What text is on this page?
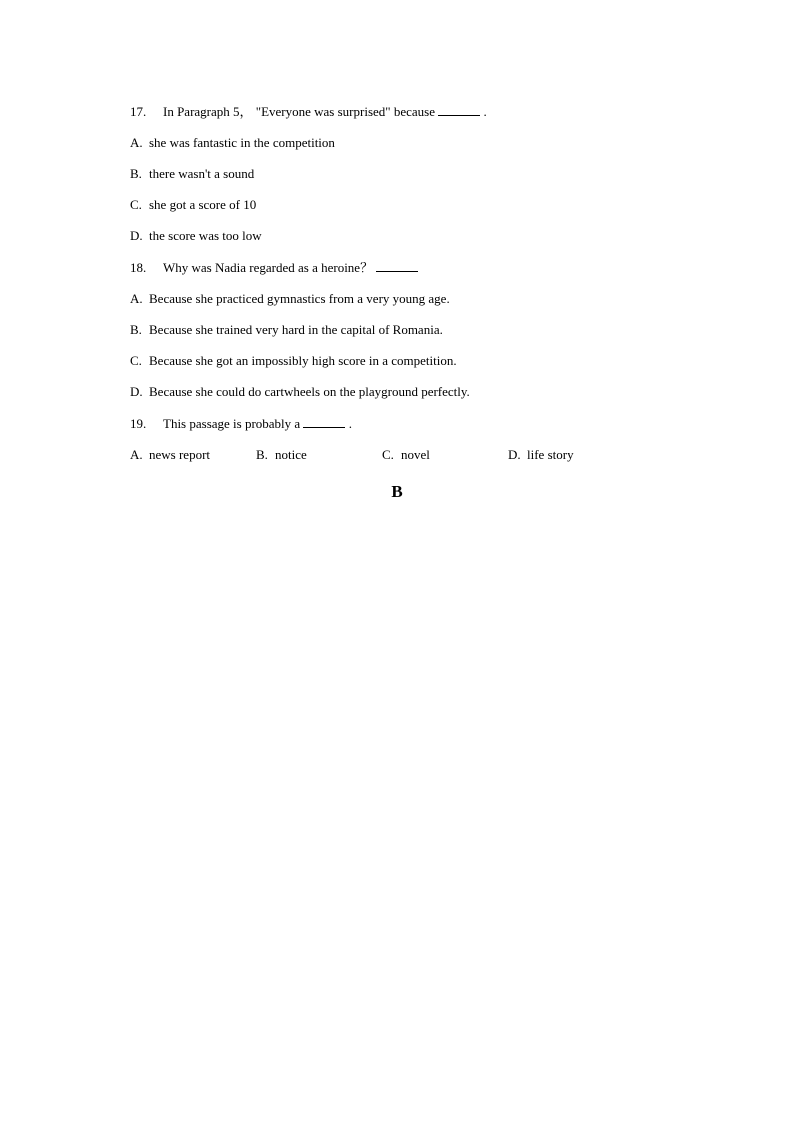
17. In Paragraph 5， "Everyone was surprised" because	.
A. she was fantastic in the competition
B. there wasn't a sound
C. she got a score of 10
D. the score was too low
18. Why was Nadia regarded as a heroine？
A. Because she practiced gymnastics from a very young age.
B. Because she trained very hard in the capital of Romania.
C. Because she got an impossibly high score in a competition.
D. Because she could do cartwheels on the playground perfectly.
19. This passage is probably a	.
A. news report	B. notice	C. novel	D. life story
B
